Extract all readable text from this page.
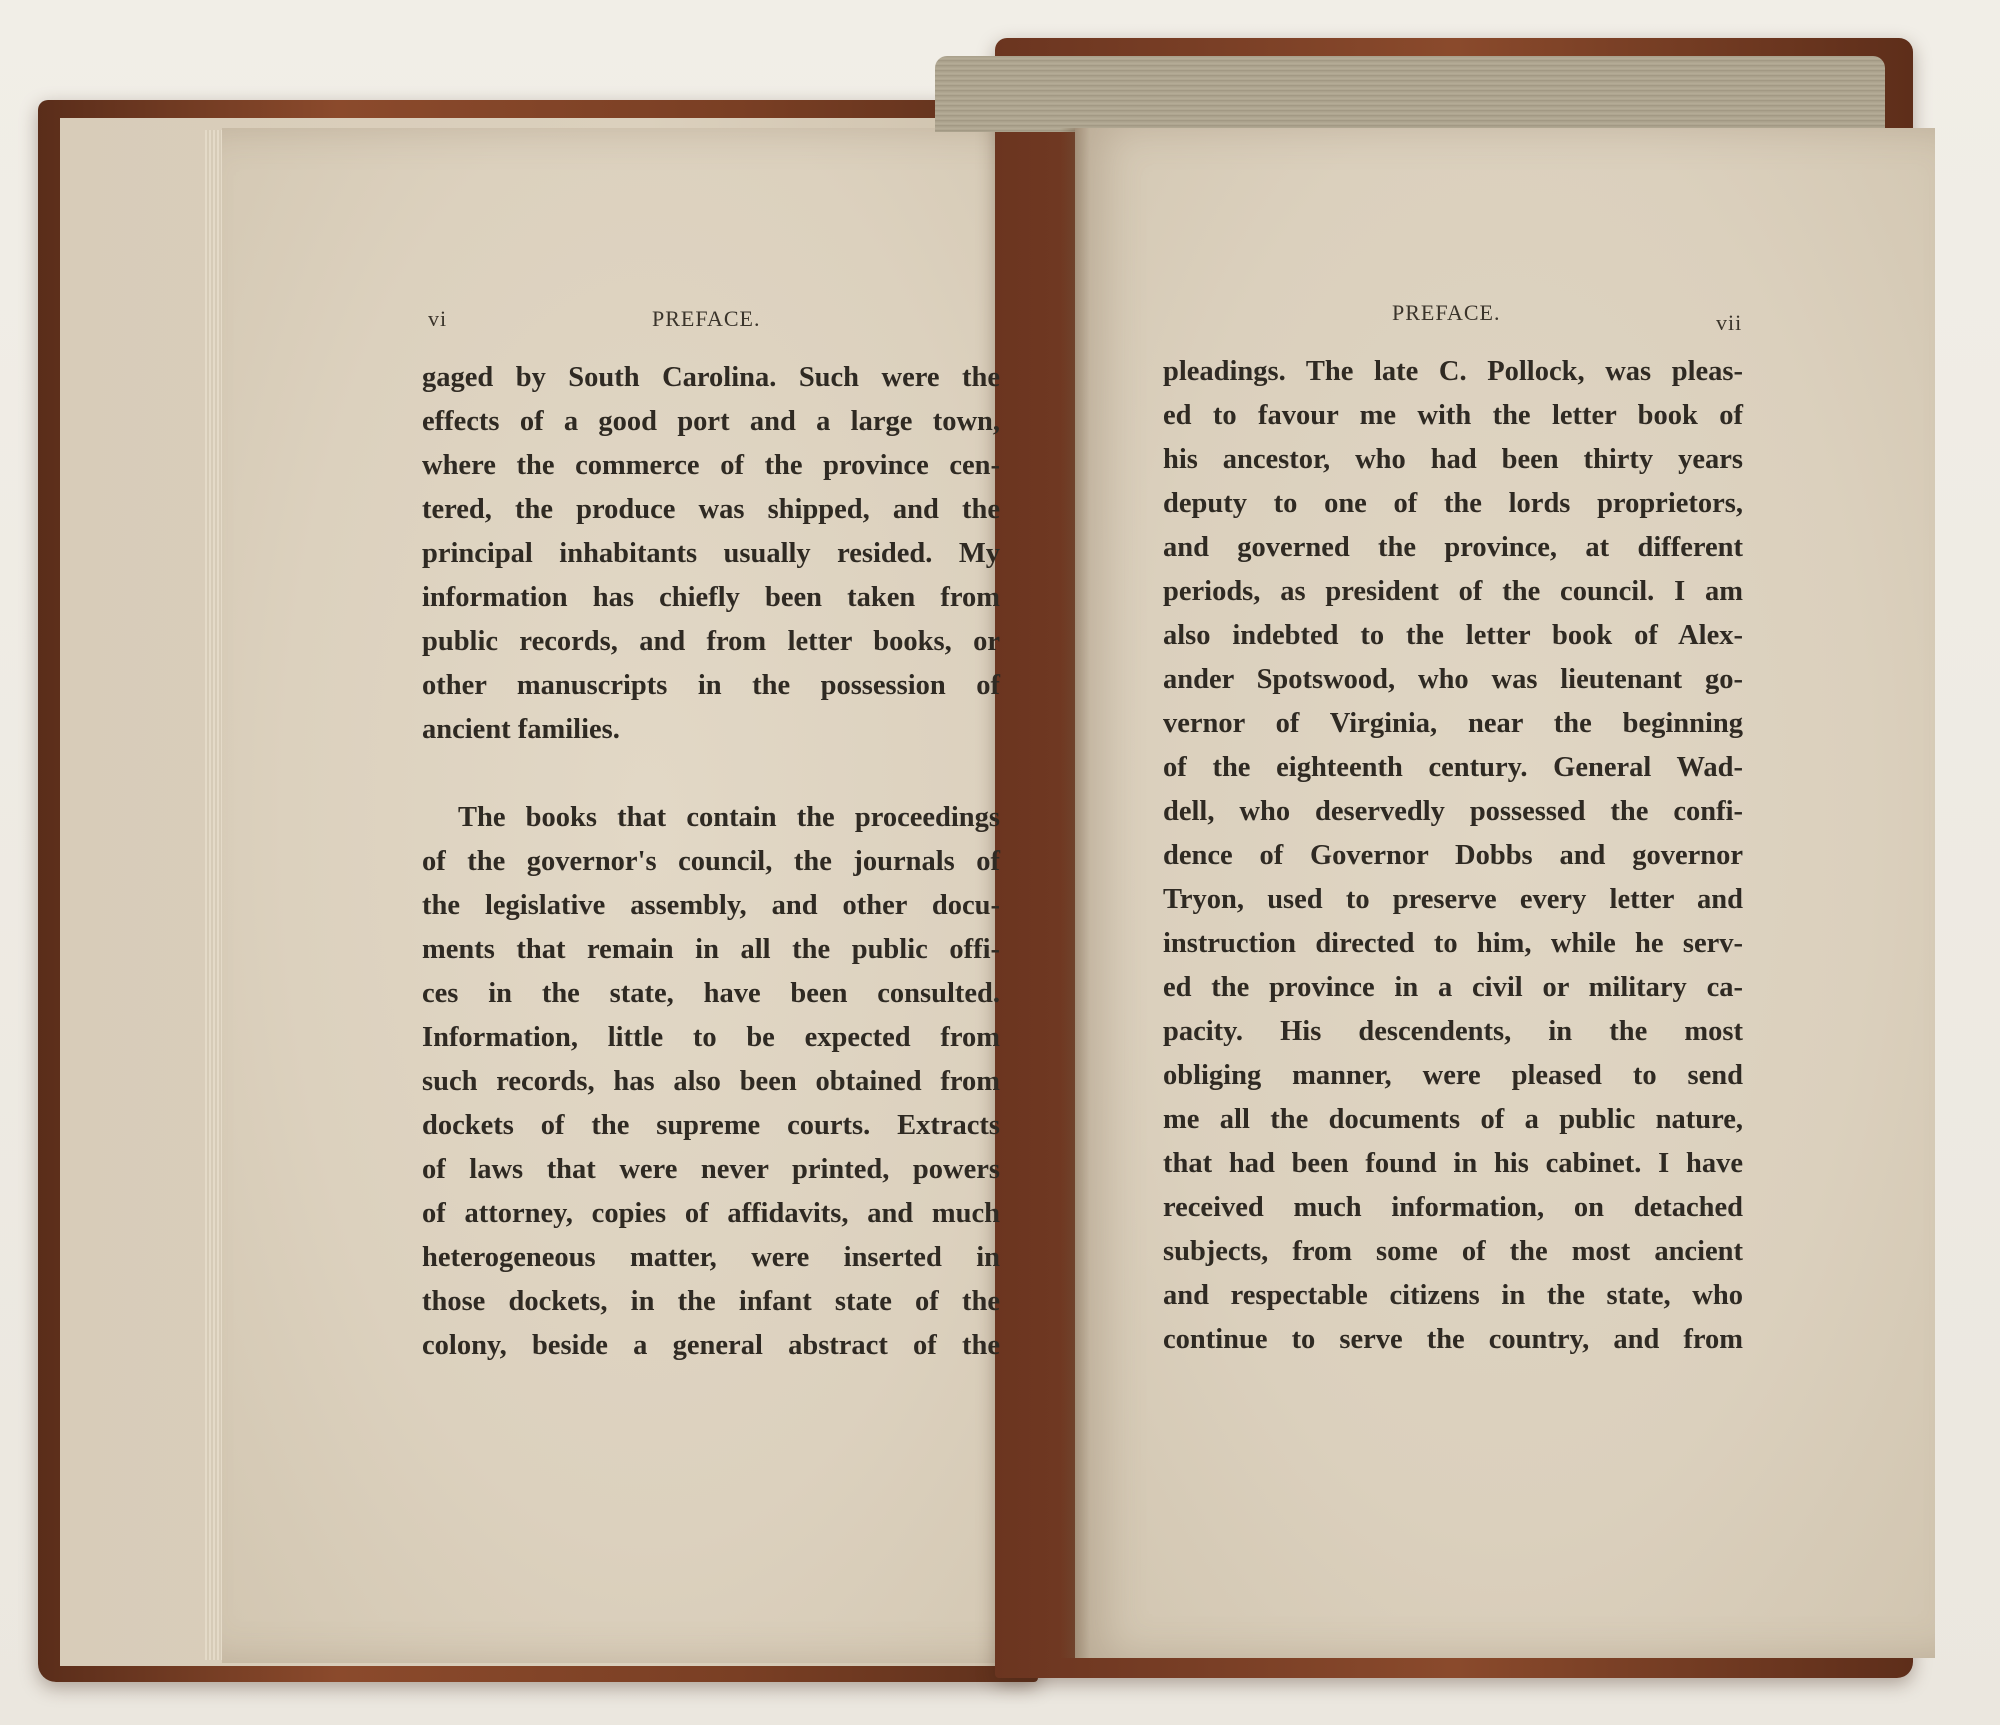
vi	PREFACE.	PREFACE.	vii
gaged by South Carolina. Such were the
effects of a good port and a large town,
where the commerce of the province cen-
tered, the produce was shipped, and the
principal inhabitants usually resided. My
information has chiefly been taken from
public records, and from letter books, or
other manuscripts in the possession of
ancient families.
The books that contain the proceedings
of the governor's council, the journals of
the legislative assembly, and other docu-
ments that remain in all the public offi-
ces in the state, have been consulted.
Information, little to be expected from
such records, has also been obtained from
dockets of the supreme courts. Extracts
of laws that were never printed, powers
of attorney, copies of affidavits, and much
heterogeneous matter, were inserted in
those dockets, in the infant state of the
colony, beside a general abstract of the
pleadings. The late C. Pollock, was pleas-
ed to favour me with the letter book of
his ancestor, who had been thirty years
deputy to one of the lords proprietors,
and governed the province, at different
periods, as president of the council. I am
also indebted to the letter book of Alex-
ander Spotswood, who was lieutenant go-
vernor of Virginia, near the beginning
of the eighteenth century. General Wad-
dell, who deservedly possessed the confi-
dence of Governor Dobbs and governor
Tryon, used to preserve every letter and
instruction directed to him, while he serv-
ed the province in a civil or military ca-
pacity. His descendents, in the most
obliging manner, were pleased to send
me all the documents of a public nature,
that had been found in his cabinet. I have
received much information, on detached
subjects, from some of the most ancient
and respectable citizens in the state, who
continue to serve the country, and from
